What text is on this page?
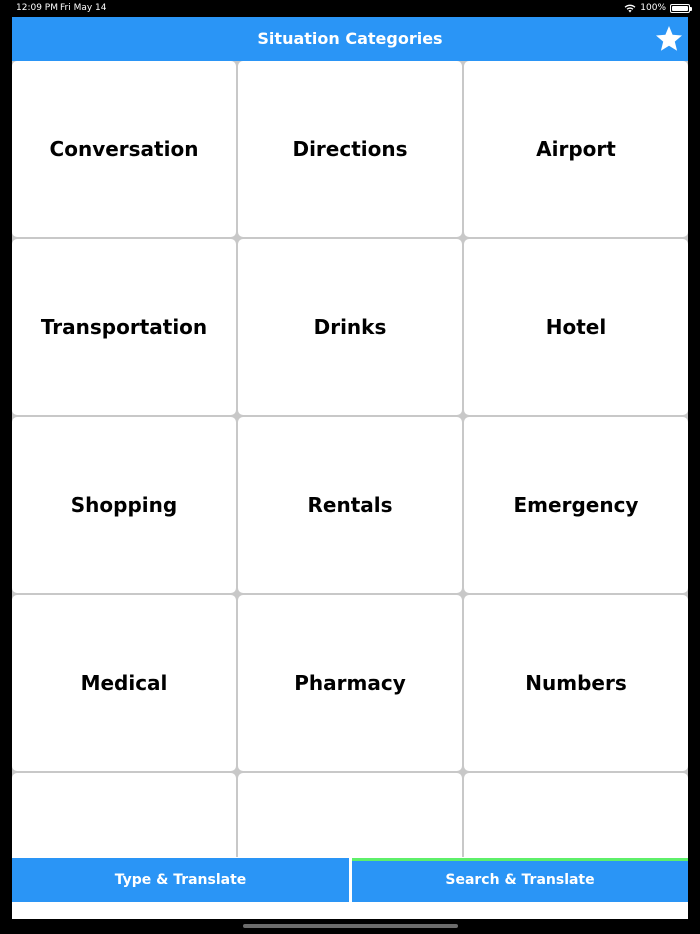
12:09 PM Fri May 14	100%
Situation Categories
Conversation	Directions	Airport
Transportation	Drinks	Hotel
Shopping	Rentals	Emergency
Medical	Pharmacy	Numbers
Type & Translate	Search & Translate
